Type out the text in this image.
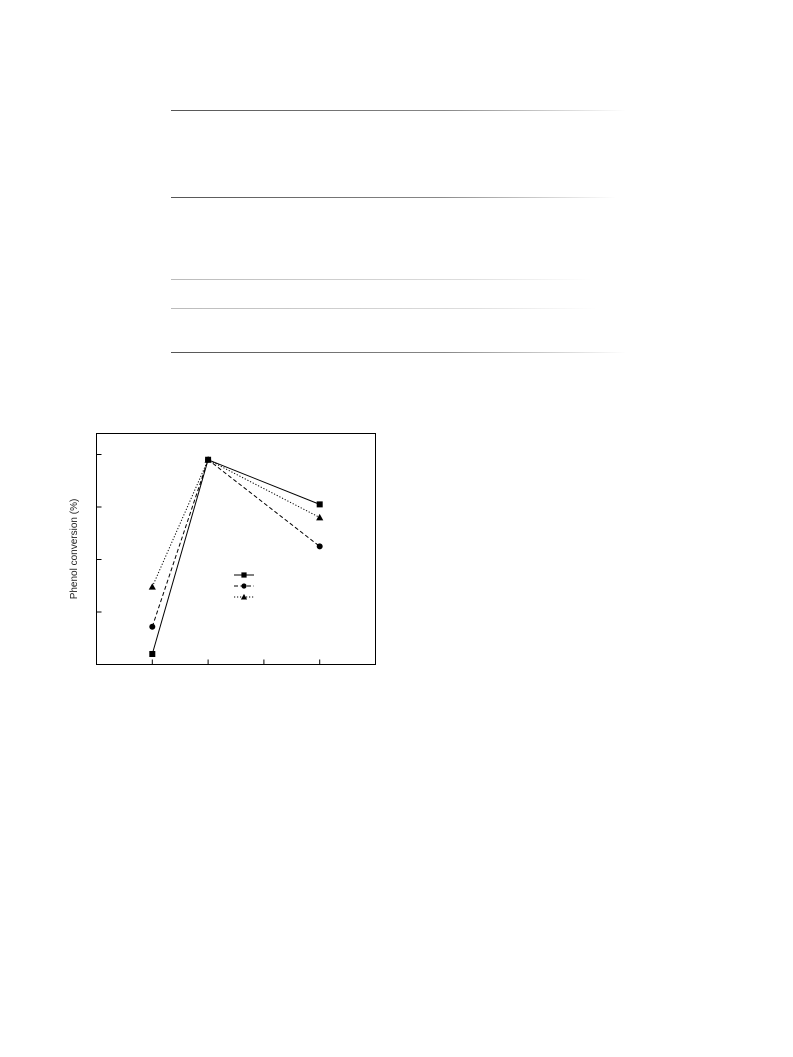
Phenol conversion (%)
